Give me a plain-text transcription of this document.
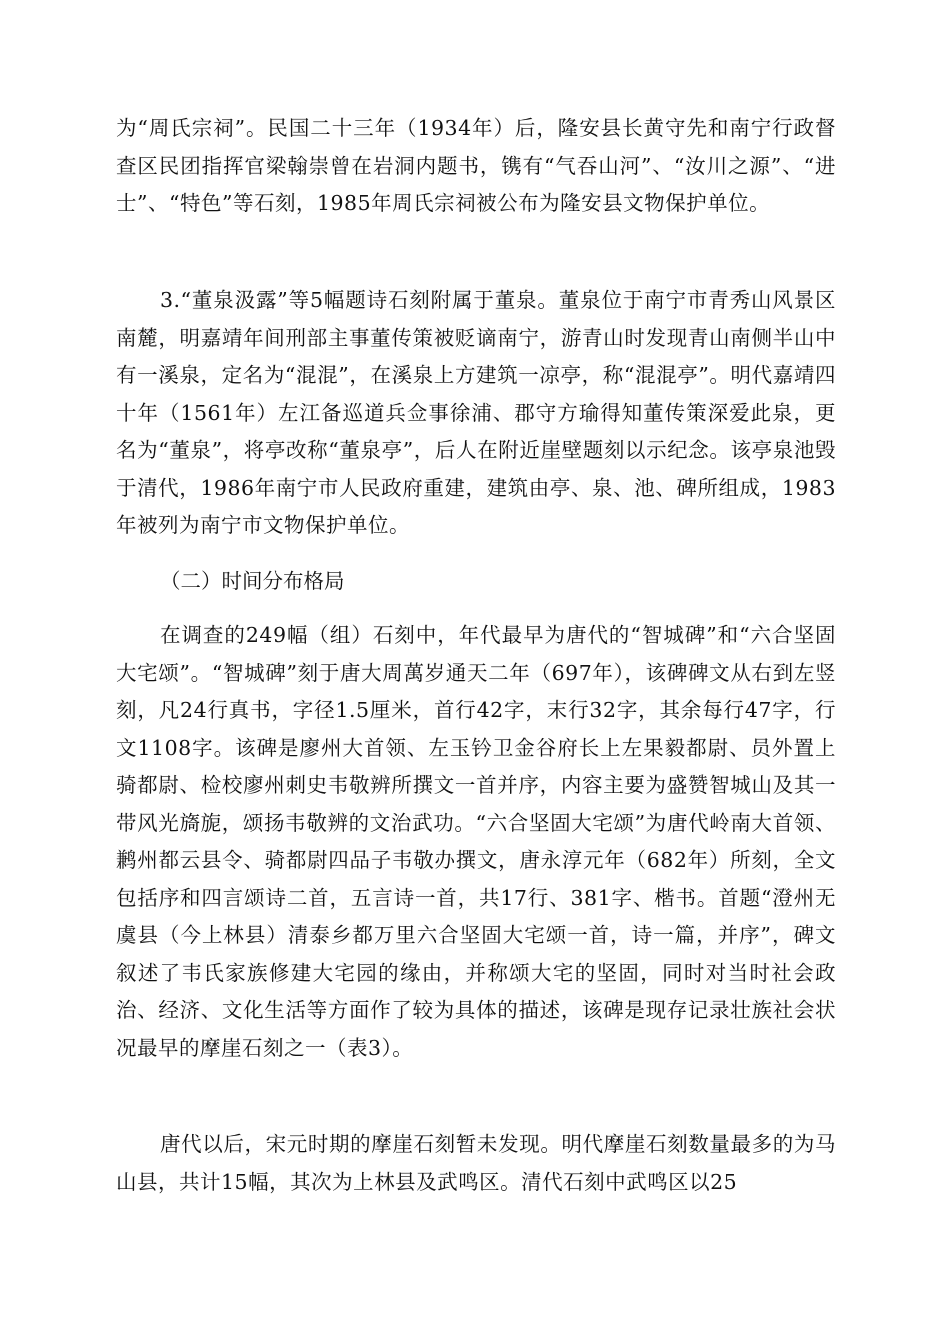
为“周氏宗祠”。民国二十三年（1934年）后，隆安县长黄守先和南宁行政督查区民团指挥官梁翰崇曾在岩洞内题书，镌有“气吞山河”、“汝川之源”、“进士”、“特色”等石刻，1985年周氏宗祠被公布为隆安县文物保护单位。

3.“董泉汲露”等5幅题诗石刻附属于董泉。董泉位于南宁市青秀山风景区南麓，明嘉靖年间刑部主事董传策被贬谪南宁，游青山时发现青山南侧半山中有一溪泉，定名为“混混”，在溪泉上方建筑一凉亭，称“混混亭”。明代嘉靖四十年（1561年）左江备巡道兵佥事徐浦、郡守方瑜得知董传策深爱此泉，更名为“董泉”，将亭改称“董泉亭”，后人在附近崖壁题刻以示纪念。该亭泉池毁于清代，1986年南宁市人民政府重建，建筑由亭、泉、池、碑所组成，1983年被列为南宁市文物保护单位。

（二）时间分布格局

在调查的249幅（组）石刻中，年代最早为唐代的“智城碑”和“六合坚固大宅颂”。“智城碑”刻于唐大周萬岁通天二年（697年），该碑碑文从右到左竖刻，凡24行真书，字径1.5厘米，首行42字，末行32字，其余每行47字，行文1108字。该碑是廖州大首领、左玉钤卫金谷府长上左果毅都尉、员外置上骑都尉、检校廖州刺史韦敬辨所撰文一首并序，内容主要为盛赞智城山及其一带风光旖旎，颂扬韦敬辨的文治武功。“六合坚固大宅颂”为唐代岭南大首领、鹣州都云县令、骑都尉四品子韦敬办撰文，唐永淳元年（682年）所刻，全文包括序和四言颂诗二首，五言诗一首，共17行、381字、楷书。首题“澄州无虞县（今上林县）清泰乡都万里六合坚固大宅颂一首，诗一篇，并序”，碑文叙述了韦氏家族修建大宅园的缘由，并称颂大宅的坚固，同时对当时社会政治、经济、文化生活等方面作了较为具体的描述，该碑是现存记录壮族社会状况最早的摩崖石刻之一（表3）。

唐代以后，宋元时期的摩崖石刻暂未发现。明代摩崖石刻数量最多的为马山县，共计15幅，其次为上林县及武鸣区。清代石刻中武鸣区以25
